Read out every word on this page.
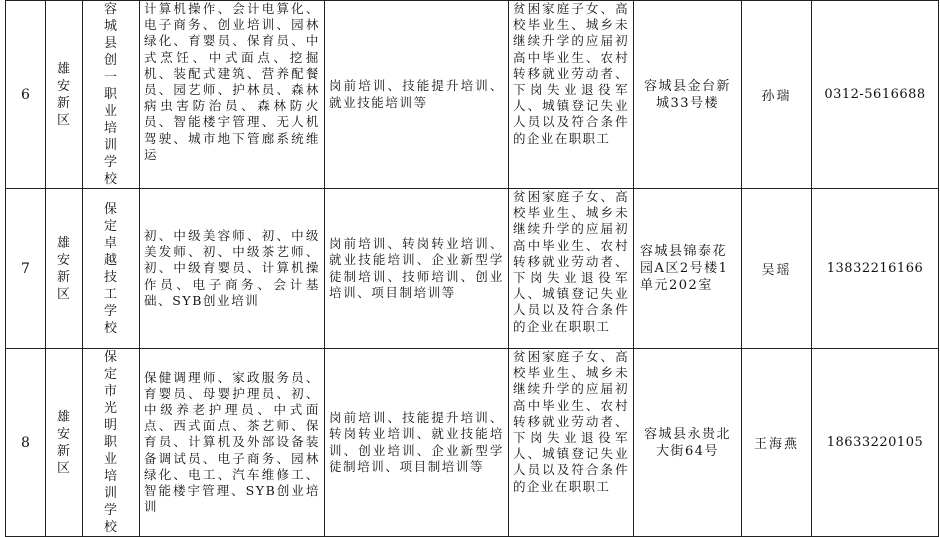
6	雄安新区	容城县创一职业培训学校	计算机操作、会计电算化、电子商务、创业培训、园林绿化、育婴员、保育员、中式烹饪、中式面点、挖掘机、装配式建筑、营养配餐员、园艺师、护林员、森林病虫害防治员、森林防火员、智能楼宇管理、无人机驾驶、城市地下管廊系统维运	岗前培训、技能提升培训、就业技能培训等	贫困家庭子女、高校毕业生、城乡未继续升学的应届初高中毕业生、农村转移就业劳动者、下岗失业退役军人、城镇登记失业人员以及符合条件的企业在职职工	容城县金台新城33号楼	孙瑞	0312-5616688
7	雄安新区	保定卓越技工学校	初、中级美容师、初、中级美发师、初、中级茶艺师、初、中级育婴员、计算机操作员、电子商务、会计基础、SYB创业培训	岗前培训、转岗转业培训、就业技能培训、企业新型学徒制培训、技师培训、创业培训、项目制培训等	贫困家庭子女、高校毕业生、城乡未继续升学的应届初高中毕业生、农村转移就业劳动者、下岗失业退役军人、城镇登记失业人员以及符合条件的企业在职职工	容城县锦泰花园A区2号楼1单元202室	吴瑶	13832216166
8	雄安新区	保定市光明职业培训学校	保健调理师、家政服务员、育婴员、母婴护理员、初、中级养老护理员、中式面点、西式面点、茶艺师、保育员、计算机及外部设备装备调试员、电子商务、园林绿化、电工、汽车维修工、智能楼宇管理、SYB创业培训	岗前培训、技能提升培训、转岗转业培训、就业技能培训、创业培训、企业新型学徒制培训、项目制培训等	贫困家庭子女、高校毕业生、城乡未继续升学的应届初高中毕业生、农村转移就业劳动者、下岗失业退役军人、城镇登记失业人员以及符合条件的企业在职职工	容城县永贵北大街64号	王海燕	18633220105
